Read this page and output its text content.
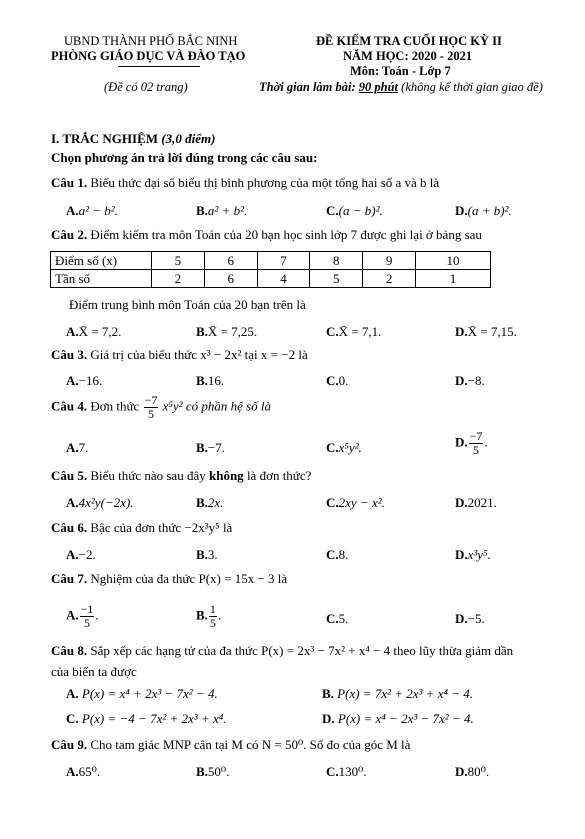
UBND THÀNH PHỐ BẮC NINH
PHÒNG GIÁO DỤC VÀ ĐÀO TẠO
(Đề có 02 trang)
ĐỀ KIỂM TRA CUỐI HỌC KỲ II
NĂM HỌC: 2020 - 2021
Môn: Toán - Lớp 7
Thời gian làm bài: 90 phút (không kể thời gian giao đề)
I. TRẮC NGHIỆM (3,0 điểm)
Chọn phương án trả lời đúng trong các câu sau:
Câu 1. Biểu thức đại số biểu thị bình phương của một tổng hai số a và b là
A.a² − b².	B.a² + b².	C.(a − b)².	D.(a + b)².
Câu 2. Điểm kiểm tra môn Toán của 20 bạn học sinh lớp 7 được ghi lại ở bảng sau
Điểm số (x)	5	6	7	8	9	10
Tần số	2	6	4	5	2	1
Điểm trung bình môn Toán của 20 bạn trên là
A.X̄ = 7,2.	B.X̄ = 7,25.	C.X̄ = 7,1.	D.X̄ = 7,15.
Câu 3. Giá trị của biểu thức x³ − 2x² tại x = −2 là
A.−16.	B.16.	C.0.	D.−8.
Câu 4. Đơn thức $\frac{-7}{5} x^5y^2$ có phần hệ số là
A.7.	B.−7.	C.x⁵y².	D. $\frac{-7}{5}$ .
Câu 5. Biểu thức nào sau đây không là đơn thức?
A.4x²y(−2x).	B.2x.	C.2xy − x².	D.2021.
Câu 6. Bậc của đơn thức −2x³y⁵ là
A.−2.	B.3.	C.8.	D.x³y⁵.
Câu 7. Nghiệm của đa thức P(x) = 15x − 3 là
A. $\frac{-1}{5}$ .	B. $\frac{1}{5}$ .	C.5.	D.−5.
Câu 8. Sắp xếp các hạng tử của đa thức P(x) = 2x³ − 7x² + x⁴ − 4 theo lũy thừa giảm dần
của biến ta được
A. P(x) = x⁴ + 2x³ − 7x² − 4.	B. P(x) = 7x² + 2x³ + x⁴ − 4.
C. P(x) = −4 − 7x² + 2x³ + x⁴.	D. P(x) = x⁴ − 2x³ − 7x² − 4.
Câu 9. Cho tam giác MNP cân tại M có N = 50⁰. Số đo của góc M là
A.65⁰.	B.50⁰.	C.130⁰.	D.80⁰.
